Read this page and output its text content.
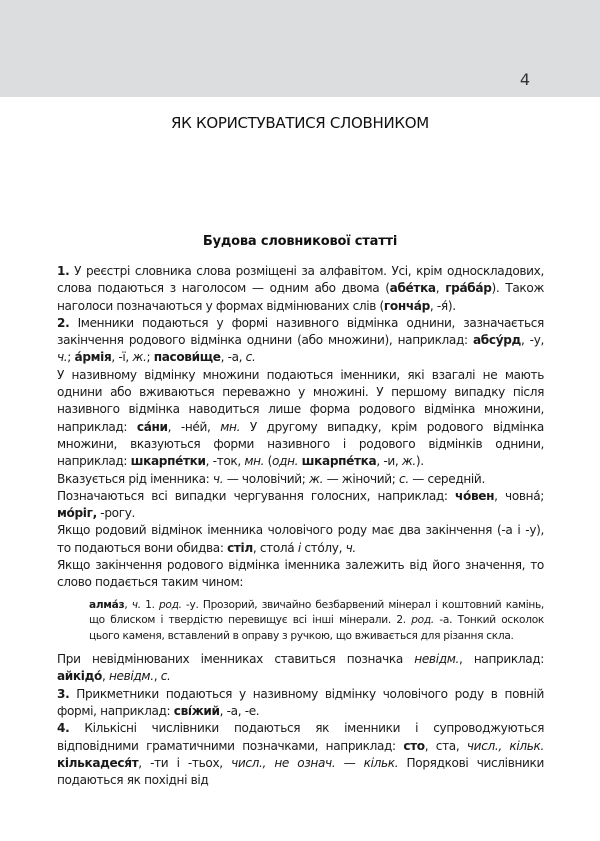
4
ЯК КОРИСТУВАТИСЯ СЛОВНИКОМ
Будова словникової статті

1. У реєстрі словника слова розміщені за алфавітом. Усі, крім односкладових, слова подаються з наголосом — одним або двома (абе́тка, гра́ба́р). Також наголоси позначаються у формах відмінюваних слів (гонча́р, -я́).

2. Іменники подаються у формі називного відмінка однини, зазначається закінчення родового відмінка однини (або множини), наприклад: абсу́рд, -у, ч.; а́рмія, -ї, ж.; пасови́ще, -а, с.

У називному відмінку множини подаються іменники, які взагалі не мають однини або вживаються переважно у множині. У першому випадку після називного відмінка наводиться лише форма родового відмінка множини, наприклад: са́ни, -не́й, мн. У другому випадку, крім родового відмінка множини, вказуються форми називного і родового відмінків однини, наприклад: шкарпе́тки, -ток, мн. (одн. шкарпе́тка, -и, ж.).

Вказується рід іменника: ч. — чоловічий; ж. — жіночий; с. — середній.

Позначаються всі випадки чергування голосних, наприклад: чо́вен, човна́; мо́ріг, -рогу.

Якщо родовий відмінок іменника чоловічого роду має два закінчення (-а і -у), то подаються вони обидва: стіл, стола́ і сто́лу, ч.

Якщо закінчення родового відмінка іменника залежить від його значення, то слово подається таким чином:

алма́з, ч. 1. род. -у. Прозорий, звичайно безбарвений мінерал і коштовний камінь, що блиском і твердістю перевищує всі інші мінерали. 2. род. -а. Тонкий осколок цього каменя, вставлений в оправу з ручкою, що вживається для різання скла.

При невідмінюваних іменниках ставиться позначка невідм., наприклад: айкідо́, невідм., с.

3. Прикметники подаються у називному відмінку чоловічого роду в повній формі, наприклад: сві́жий, -а, -е.

4. Кількісні числівники подаються як іменники і супроводжуються відповідними граматичними позначками, наприклад: сто, ста, числ., кільк. кількадеся́т, -ти і -тьох, числ., не означ. — кільк. Порядкові числівники подаються як похідні від
